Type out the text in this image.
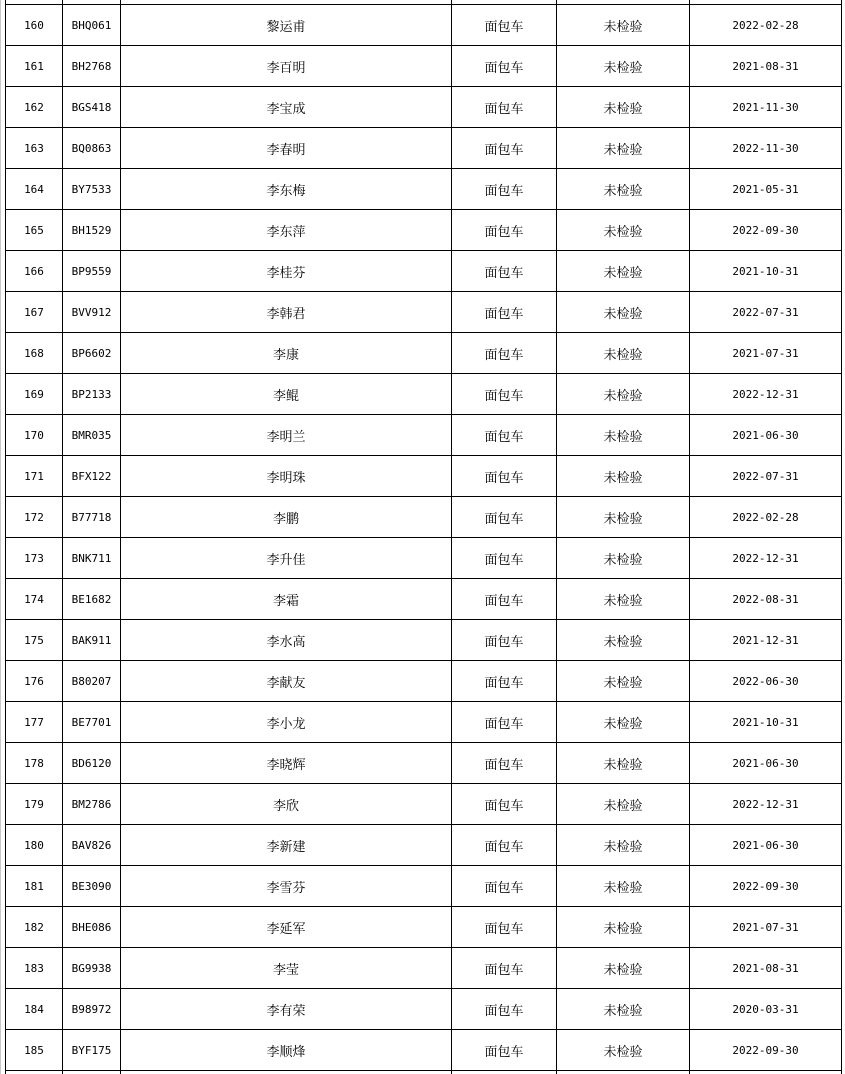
160	BHQ061	黎运甫	面包车	未检验	2022-02-28
161	BH2768	李百明	面包车	未检验	2021-08-31
162	BGS418	李宝成	面包车	未检验	2021-11-30
163	BQ0863	李春明	面包车	未检验	2022-11-30
164	BY7533	李东梅	面包车	未检验	2021-05-31
165	BH1529	李东萍	面包车	未检验	2022-09-30
166	BP9559	李桂芬	面包车	未检验	2021-10-31
167	BVV912	李韩君	面包车	未检验	2022-07-31
168	BP6602	李康	面包车	未检验	2021-07-31
169	BP2133	李鲲	面包车	未检验	2022-12-31
170	BMR035	李明兰	面包车	未检验	2021-06-30
171	BFX122	李明珠	面包车	未检验	2022-07-31
172	B77718	李鹏	面包车	未检验	2022-02-28
173	BNK711	李升佳	面包车	未检验	2022-12-31
174	BE1682	李霜	面包车	未检验	2022-08-31
175	BAK911	李水高	面包车	未检验	2021-12-31
176	B80207	李献友	面包车	未检验	2022-06-30
177	BE7701	李小龙	面包车	未检验	2021-10-31
178	BD6120	李晓辉	面包车	未检验	2021-06-30
179	BM2786	李欣	面包车	未检验	2022-12-31
180	BAV826	李新建	面包车	未检验	2021-06-30
181	BE3090	李雪芬	面包车	未检验	2022-09-30
182	BHE086	李延军	面包车	未检验	2021-07-31
183	BG9938	李莹	面包车	未检验	2021-08-31
184	B98972	李有荣	面包车	未检验	2020-03-31
185	BYF175	李顺烽	面包车	未检验	2022-09-30
